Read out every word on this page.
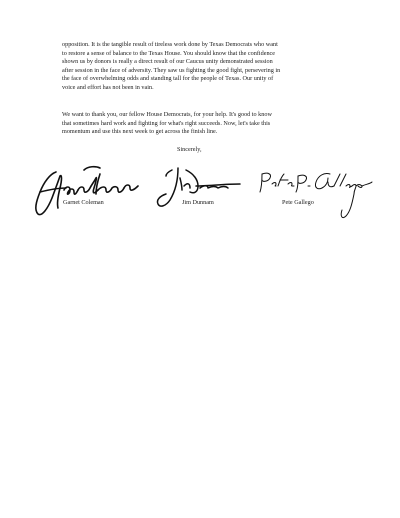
opposition. It is the tangible result of tireless work done by Texas Democrats who want
to restore a sense of balance to the Texas House. You should know that the confidence
shown us by donors is really a direct result of our Caucus unity demonstrated session
after session in the face of adversity. They saw us fighting the good fight, persevering in
the face of overwhelming odds and standing tall for the people of Texas. Our unity of
voice and effort has not been in vain.

We want to thank you, our fellow House Democrats, for your help. It's good to know
that sometimes hard work and fighting for what's right succeeds. Now, let's take this
momentum and use this next week to get across the finish line.

Sincerely,

Garnet Coleman	Jim Dunnam	Pete Gallego
